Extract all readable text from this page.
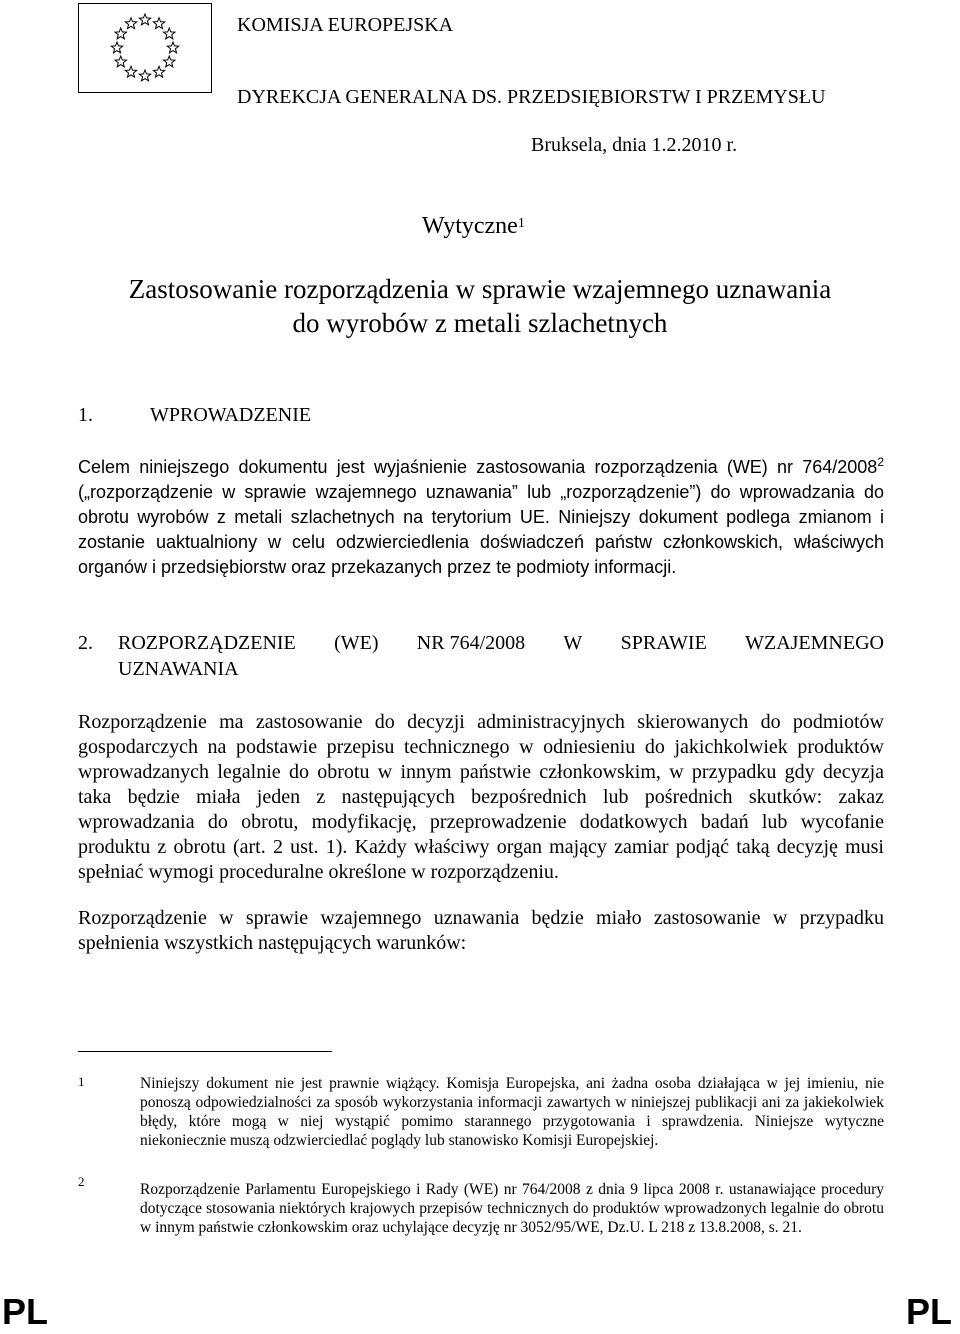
KOMISJA EUROPEJSKA
DYREKCJA GENERALNA DS. PRZEDSIĘBIORSTW I PRZEMYSŁU
Bruksela, dnia 1.2.2010 r.
Wytyczne$^1$
Zastosowanie rozporządzenia w sprawie wzajemnego uznawania
do wyrobów z metali szlachetnych
1.	WPROWADZENIE

Celem niniejszego dokumentu jest wyjaśnienie zastosowania rozporządzenia (WE) nr 764/2008$^2$ („rozporządzenie w sprawie wzajemnego uznawania” lub „rozporządzenie”) do wprowadzania do obrotu wyrobów z metali szlachetnych na terytorium UE. Niniejszy dokument podlega zmianom i zostanie uaktualniony w celu odzwierciedlenia doświadczeń państw członkowskich, właściwych organów i przedsiębiorstw oraz przekazanych przez te podmioty informacji.

2. ROZPORZĄDZENIE (WE) NR 764/2008 W SPRAWIE WZAJEMNEGO
UZNAWANIA

Rozporządzenie ma zastosowanie do decyzji administracyjnych skierowanych do podmiotów gospodarczych na podstawie przepisu technicznego w odniesieniu do jakichkolwiek produktów wprowadzanych legalnie do obrotu w innym państwie członkowskim, w przypadku gdy decyzja taka będzie miała jeden z następujących bezpośrednich lub pośrednich skutków: zakaz wprowadzania do obrotu, modyfikację, przeprowadzenie dodatkowych badań lub wycofanie produktu z obrotu (art. 2 ust. 1). Każdy właściwy organ mający zamiar podjąć taką decyzję musi spełniać wymogi proceduralne określone w rozporządzeniu.

Rozporządzenie w sprawie wzajemnego uznawania będzie miało zastosowanie w przypadku spełnienia wszystkich następujących warunków:

1	Niniejszy dokument nie jest prawnie wiążący. Komisja Europejska, ani żadna osoba działająca w jej imieniu, nie ponoszą odpowiedzialności za sposób wykorzystania informacji zawartych w niniejszej publikacji ani za jakiekolwiek błędy, które mogą w niej wystąpić pomimo starannego przygotowania i sprawdzenia. Niniejsze wytyczne niekoniecznie muszą odzwierciedlać poglądy lub stanowisko Komisji Europejskiej.
2	Rozporządzenie Parlamentu Europejskiego i Rady (WE) nr 764/2008 z dnia 9 lipca 2008 r. ustanawiające procedury dotyczące stosowania niektórych krajowych przepisów technicznych do produktów wprowadzonych legalnie do obrotu w innym państwie członkowskim oraz uchylające decyzję nr 3052/95/WE, Dz.U. L 218 z 13.8.2008, s. 21.
PL	PL
